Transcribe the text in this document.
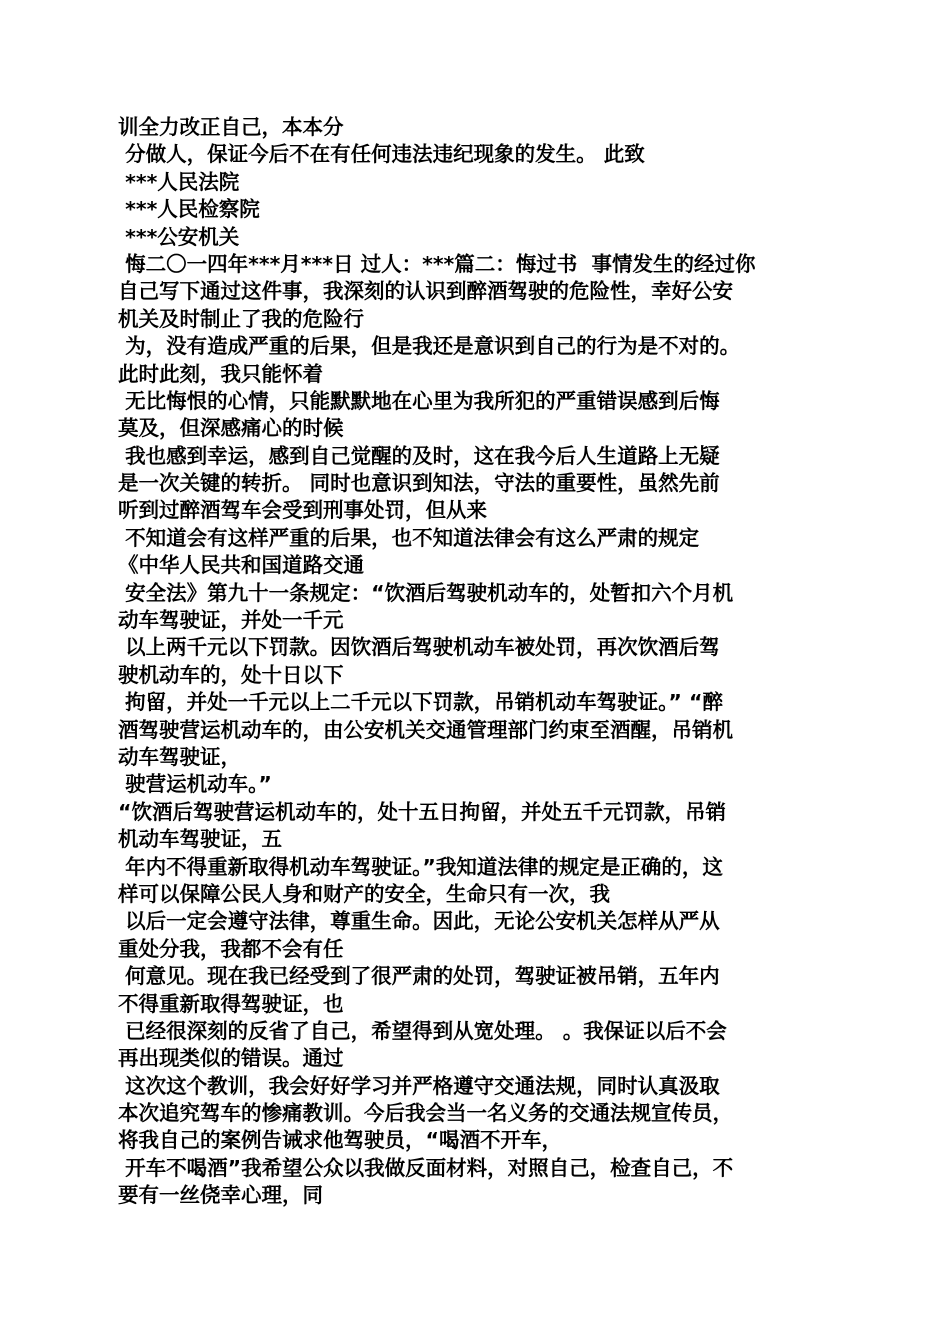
训全力改正自己，本本分
分做人，保证今后不在有任何违法违纪现象的发生。 此致
***人民法院
***人民检察院
***公安机关
悔二〇一四年***月***日 过人：***篇二：悔过书  事情发生的经过你
自己写下通过这件事，我深刻的认识到醉酒驾驶的危险性，幸好公安
机关及时制止了我的危险行
为，没有造成严重的后果，但是我还是意识到自己的行为是不对的。
此时此刻，我只能怀着
无比悔恨的心情，只能默默地在心里为我所犯的严重错误感到后悔
莫及，但深感痛心的时候
我也感到幸运，感到自己觉醒的及时，这在我今后人生道路上无疑
是一次关键的转折。 同时也意识到知法，守法的重要性，虽然先前
听到过醉酒驾车会受到刑事处罚，但从来
不知道会有这样严重的后果，也不知道法律会有这么严肃的规定
《中华人民共和国道路交通
安全法》第九十一条规定：“饮酒后驾驶机动车的，处暂扣六个月机
动车驾驶证，并处一千元
以上两千元以下罚款。因饮酒后驾驶机动车被处罚，再次饮酒后驾
驶机动车的，处十日以下
拘留，并处一千元以上二千元以下罚款，吊销机动车驾驶证。” “醉
酒驾驶营运机动车的，由公安机关交通管理部门约束至酒醒，吊销机
动车驾驶证，
驶营运机动车。”
“饮酒后驾驶营运机动车的，处十五日拘留，并处五千元罚款，吊销
机动车驾驶证，五
年内不得重新取得机动车驾驶证。”我知道法律的规定是正确的，这
样可以保障公民人身和财产的安全，生命只有一次，我
以后一定会遵守法律，尊重生命。因此，无论公安机关怎样从严从
重处分我，我都不会有任
何意见。现在我已经受到了很严肃的处罚，驾驶证被吊销，五年内
不得重新取得驾驶证，也
已经很深刻的反省了自己，希望得到从宽处理。 。我保证以后不会
再出现类似的错误。通过
这次这个教训，我会好好学习并严格遵守交通法规，同时认真汲取
本次追究驾车的惨痛教训。今后我会当一名义务的交通法规宣传员，
将我自己的案例告诫求他驾驶员，“喝酒不开车，
开车不喝酒”我希望公众以我做反面材料，对照自己，检查自己，不
要有一丝侥幸心理，同
